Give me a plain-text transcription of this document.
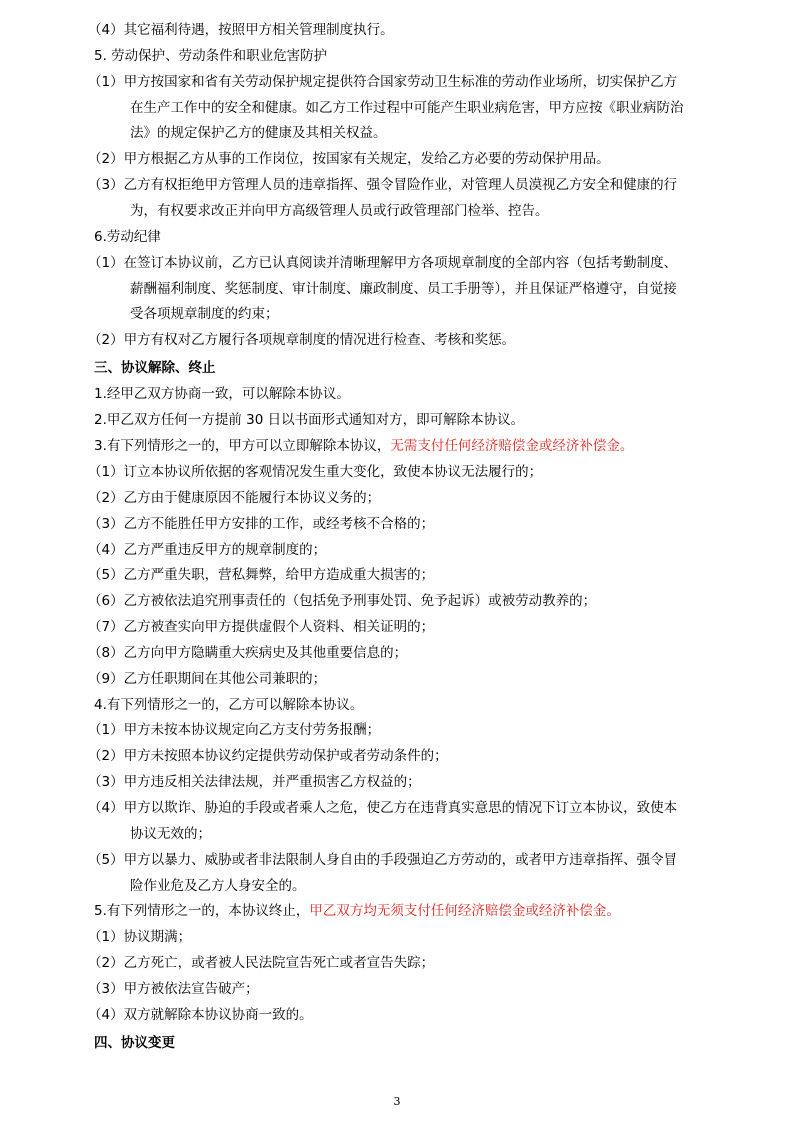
（4）其它福利待遇，按照甲方相关管理制度执行。
5. 劳动保护、劳动条件和职业危害防护
（1）甲方按国家和省有关劳动保护规定提供符合国家劳动卫生标准的劳动作业场所，切实保护乙方
在生产工作中的安全和健康。如乙方工作过程中可能产生职业病危害，甲方应按《职业病防治
法》的规定保护乙方的健康及其相关权益。
（2）甲方根据乙方从事的工作岗位，按国家有关规定，发给乙方必要的劳动保护用品。
（3）乙方有权拒绝甲方管理人员的违章指挥、强令冒险作业，对管理人员漠视乙方安全和健康的行
为，有权要求改正并向甲方高级管理人员或行政管理部门检举、控告。
6.劳动纪律
（1）在签订本协议前，乙方已认真阅读并清晰理解甲方各项规章制度的全部内容（包括考勤制度、
薪酬福利制度、奖惩制度、审计制度、廉政制度、员工手册等），并且保证严格遵守，自觉接
受各项规章制度的约束；
（2）甲方有权对乙方履行各项规章制度的情况进行检查、考核和奖惩。
三、协议解除、终止
1.经甲乙双方协商一致，可以解除本协议。
2.甲乙双方任何一方提前 30 日以书面形式通知对方，即可解除本协议。
3.有下列情形之一的，甲方可以立即解除本协议，无需支付任何经济赔偿金或经济补偿金。
（1）订立本协议所依据的客观情况发生重大变化，致使本协议无法履行的；
（2）乙方由于健康原因不能履行本协议义务的；
（3）乙方不能胜任甲方安排的工作，或经考核不合格的；
（4）乙方严重违反甲方的规章制度的；
（5）乙方严重失职，营私舞弊，给甲方造成重大损害的；
（6）乙方被依法追究刑事责任的（包括免予刑事处罚、免予起诉）或被劳动教养的；
（7）乙方被查实向甲方提供虚假个人资料、相关证明的；
（8）乙方向甲方隐瞒重大疾病史及其他重要信息的；
（9）乙方任职期间在其他公司兼职的；
4.有下列情形之一的，乙方可以解除本协议。
（1）甲方未按本协议规定向乙方支付劳务报酬；
（2）甲方未按照本协议约定提供劳动保护或者劳动条件的；
（3）甲方违反相关法律法规，并严重损害乙方权益的；
（4）甲方以欺诈、胁迫的手段或者乘人之危，使乙方在违背真实意思的情况下订立本协议，致使本
协议无效的；
（5）甲方以暴力、威胁或者非法限制人身自由的手段强迫乙方劳动的，或者甲方违章指挥、强令冒
险作业危及乙方人身安全的。
5.有下列情形之一的，本协议终止，甲乙双方均无须支付任何经济赔偿金或经济补偿金。
（1）协议期满；
（2）乙方死亡，或者被人民法院宣告死亡或者宣告失踪；
（3）甲方被依法宣告破产；
（4）双方就解除本协议协商一致的。
四、协议变更
3
